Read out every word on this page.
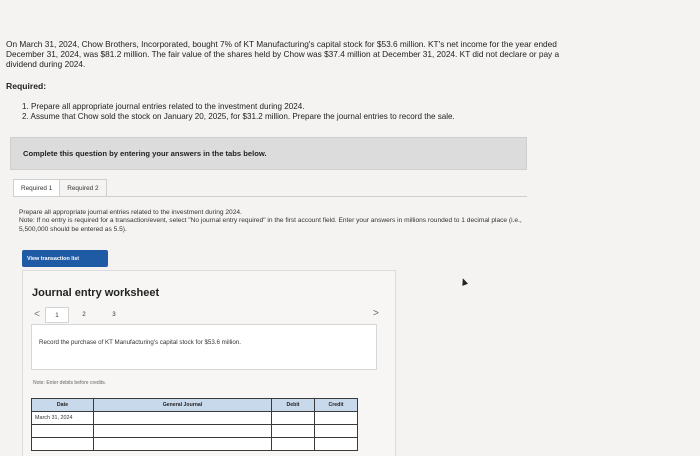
On March 31, 2024, Chow Brothers, Incorporated, bought 7% of KT Manufacturing's capital stock for $53.6 million. KT's net income for the year ended December 31, 2024, was $81.2 million. The fair value of the shares held by Chow was $37.4 million at December 31, 2024. KT did not declare or pay a dividend during 2024.
Required:
1. Prepare all appropriate journal entries related to the investment during 2024.
2. Assume that Chow sold the stock on January 20, 2025, for $31.2 million. Prepare the journal entries to record the sale.
Complete this question by entering your answers in the tabs below.
Required 1	Required 2
Prepare all appropriate journal entries related to the investment during 2024.
Note: If no entry is required for a transaction/event, select "No journal entry required" in the first account field. Enter your answers in millions rounded to 1 decimal place (i.e., 5,500,000 should be entered as 5.5).
View transaction list
Journal entry worksheet
<	1	2	3	>
Record the purchase of KT Manufacturing's capital stock for $53.6 million.
Note: Enter debits before credits.
Date	General Journal	Debit	Credit
March 31, 2024			
